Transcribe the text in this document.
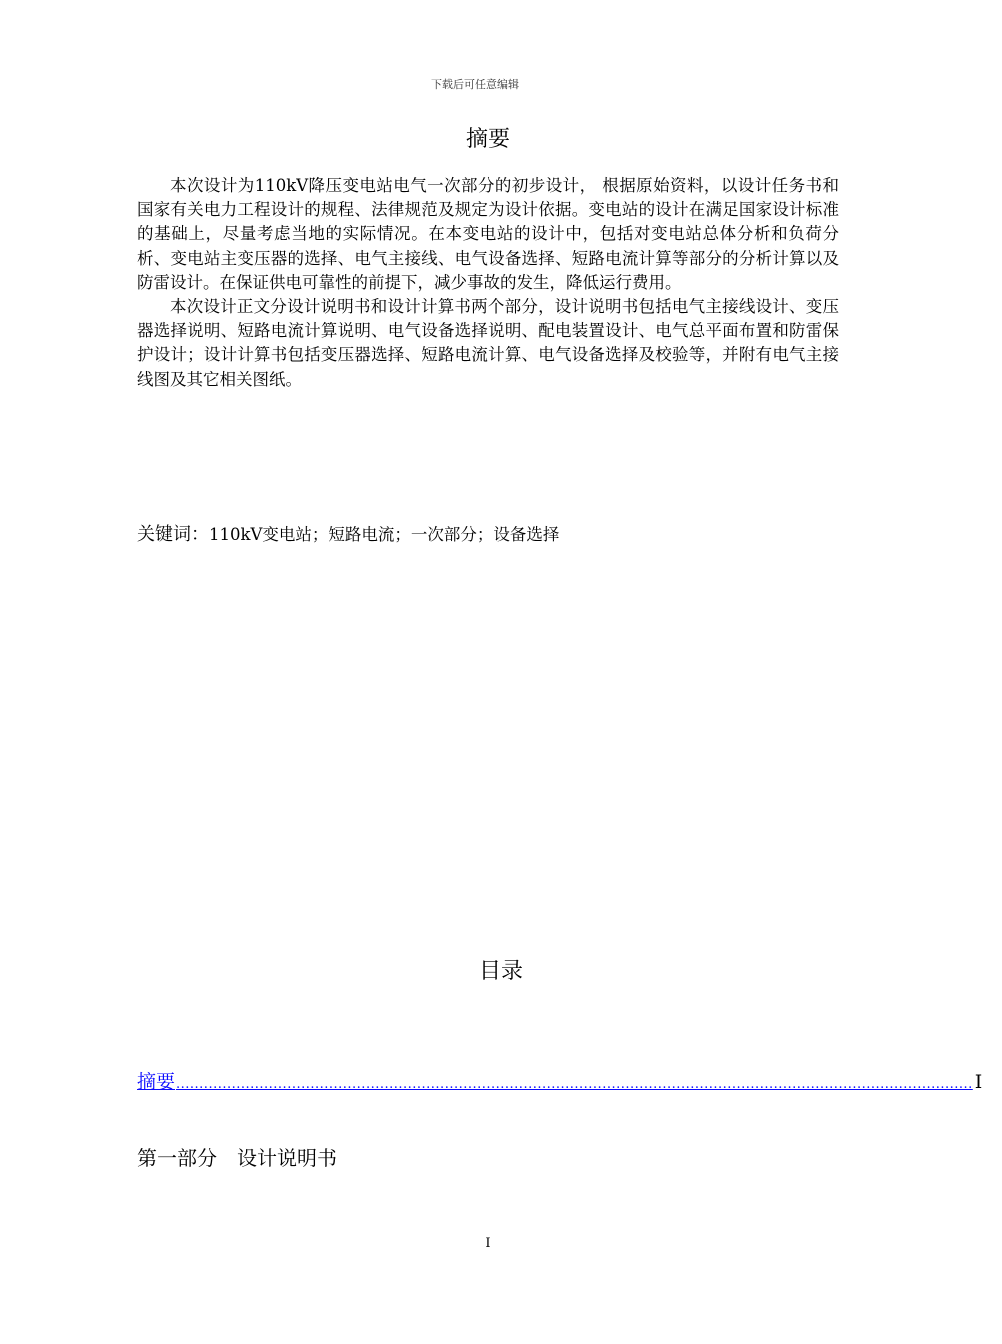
下载后可任意编辑
摘要

本次设计为110kV降压变电站电气一次部分的初步设计， 根据原始资料，以设计任务书和国家有关电力工程设计的规程、法律规范及规定为设计依据。变电站的设计在满足国家设计标准的基础上，尽量考虑当地的实际情况。在本变电站的设计中，包括对变电站总体分析和负荷分析、变电站主变压器的选择、电气主接线、电气设备选择、短路电流计算等部分的分析计算以及防雷设计。在保证供电可靠性的前提下，减少事故的发生，降低运行费用。

本次设计正文分设计说明书和设计计算书两个部分，设计说明书包括电气主接线设计、变压器选择说明、短路电流计算说明、电气设备选择说明、配电装置设计、电气总平面布置和防雷保护设计；设计计算书包括变压器选择、短路电流计算、电气设备选择及校验等，并附有电气主接线图及其它相关图纸。

关键词：110kV变电站；短路电流；一次部分；设备选择
目录
摘要 ............................................................................................................................................................................ I
第一部分 设计说明书
I
